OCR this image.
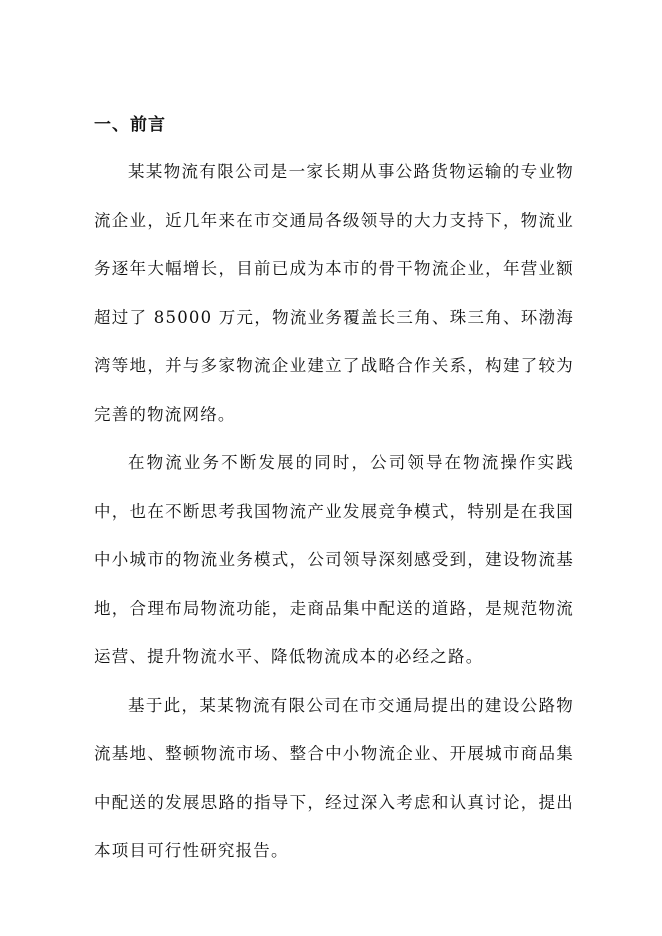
一、前言

某某物流有限公司是一家长期从事公路货物运输的专业物流企业，近几年来在市交通局各级领导的大力支持下，物流业务逐年大幅增长，目前已成为本市的骨干物流企业，年营业额超过了 85000 万元，物流业务覆盖长三角、珠三角、环渤海湾等地，并与多家物流企业建立了战略合作关系，构建了较为完善的物流网络。

在物流业务不断发展的同时，公司领导在物流操作实践中，也在不断思考我国物流产业发展竞争模式，特别是在我国中小城市的物流业务模式，公司领导深刻感受到，建设物流基地，合理布局物流功能，走商品集中配送的道路，是规范物流运营、提升物流水平、降低物流成本的必经之路。

基于此，某某物流有限公司在市交通局提出的建设公路物流基地、整顿物流市场、整合中小物流企业、开展城市商品集中配送的发展思路的指导下，经过深入考虑和认真讨论，提出本项目可行性研究报告。
